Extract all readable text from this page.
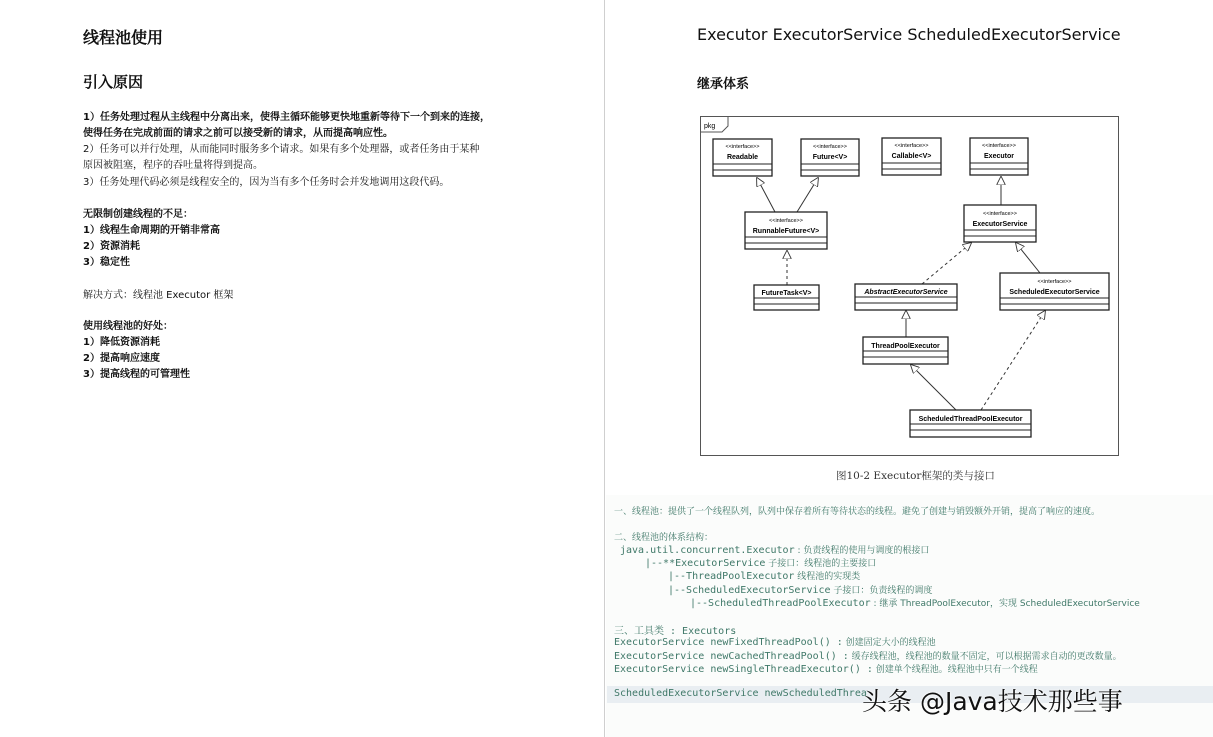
线程池使用
引入原因
1）任务处理过程从主线程中分离出来，使得主循环能够更快地重新等待下一个到来的连接，
使得任务在完成前面的请求之前可以接受新的请求，从而提高响应性。
2）任务可以并行处理，从而能同时服务多个请求。如果有多个处理器，或者任务由于某种
原因被阻塞，程序的吞吐量将得到提高。
3）任务处理代码必须是线程安全的，因为当有多个任务时会并发地调用这段代码。
无限制创建线程的不足：
1）线程生命周期的开销非常高
2）资源消耗
3）稳定性
解决方式：线程池 Executor 框架
使用线程池的好处：
1）降低资源消耗
2）提高响应速度
3）提高线程的可管理性
Executor ExecutorService ScheduledExecutorService
继承体系
pkg
<<interface>>
Readable
<<interface>>
Future<V>
<<interface>>
Callable<V>
<<interface>>
Executor
<<interface>>
RunnableFuture<V>
<<interface>>
ExecutorService
FutureTask<V>	AbstractExecutorService
<<interface>>
ScheduledExecutorService
ThreadPoolExecutor
ScheduledThreadPoolExecutor
图10-2 Executor框架的类与接口
一、线程池：提供了一个线程队列，队列中保存着所有等待状态的线程。避免了创建与销毁额外开销，提高了响应的速度。
二、线程池的体系结构：
java.util.concurrent.Executor : 负责线程的使用与调度的根接口
|--**ExecutorService 子接口：线程池的主要接口
|--ThreadPoolExecutor 线程池的实现类
|--ScheduledExecutorService 子接口：负责线程的调度
|--ScheduledThreadPoolExecutor : 继承 ThreadPoolExecutor，实现 ScheduledExecutorService
三、工具类 : Executors
ExecutorService newFixedThreadPool() : 创建固定大小的线程池
ExecutorService newCachedThreadPool() : 缓存线程池，线程池的数量不固定，可以根据需求自动的更改数量。
ExecutorService newSingleThreadExecutor() : 创建单个线程池。线程池中只有一个线程
ScheduledExecutorService newScheduledThrea
头条 @Java技术那些事
